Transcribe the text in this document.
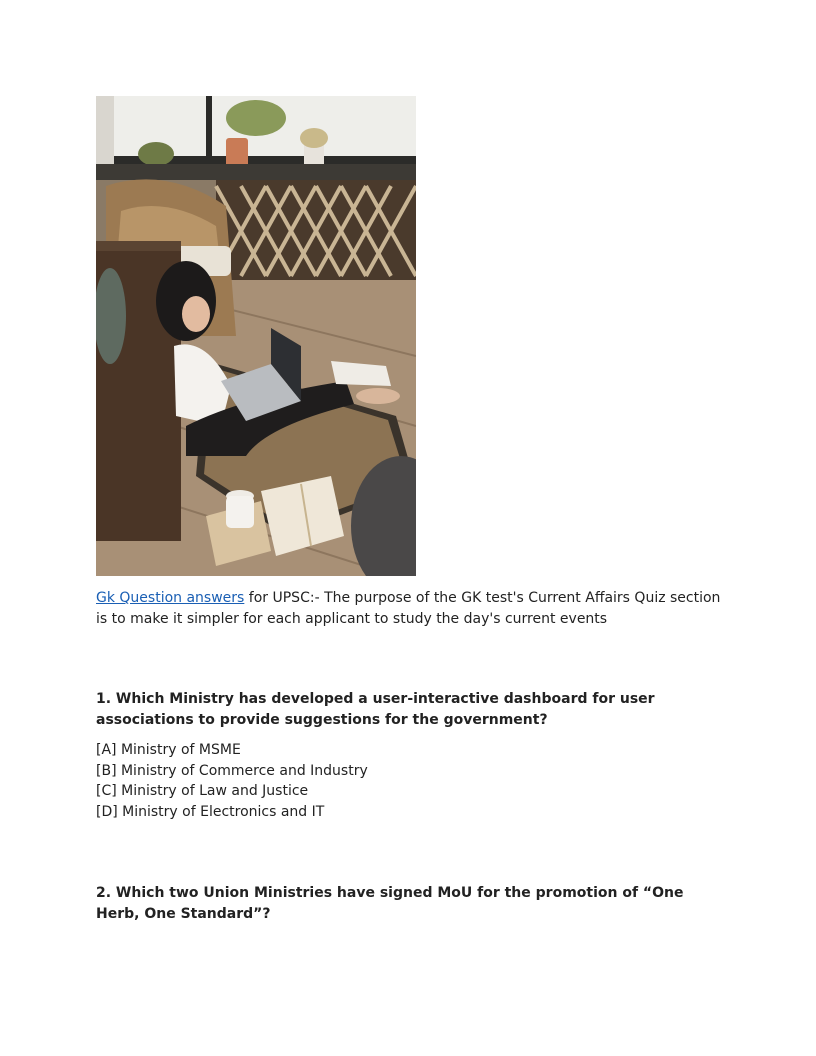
Gk Question answers for UPSC:- The purpose of the GK test's Current Affairs Quiz section is to make it simpler for each applicant to study the day's current events

1. Which Ministry has developed a user-interactive dashboard for user associations to provide suggestions for the government?

[A] Ministry of MSME
[B] Ministry of Commerce and Industry
[C] Ministry of Law and Justice
[D] Ministry of Electronics and IT

2. Which two Union Ministries have signed MoU for the promotion of “One Herb, One Standard”?
